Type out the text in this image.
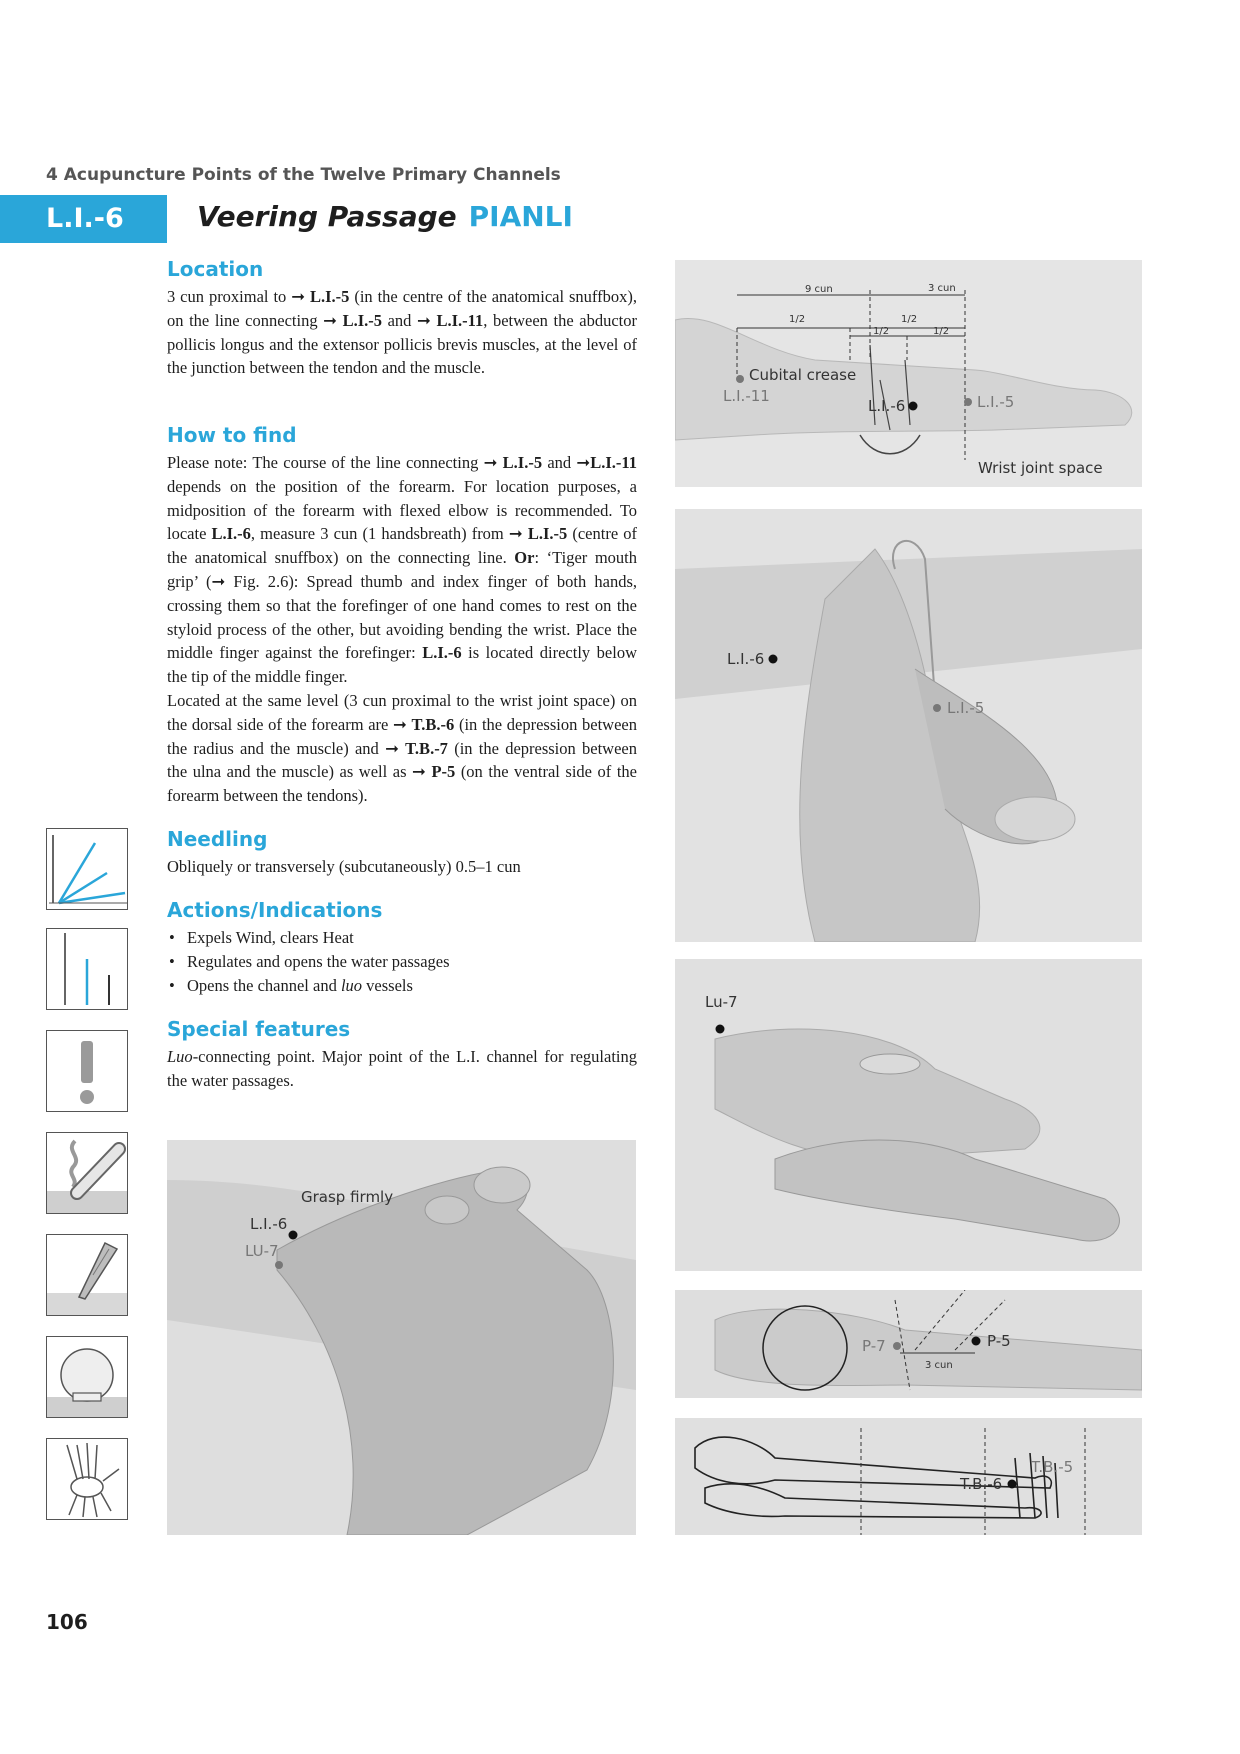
4 Acupuncture Points of the Twelve Primary Channels
L.I.-6	Veering Passage PIANLI
Location
3 cun proximal to ➞ L.I.-5 (in the centre of the anatomical snuffbox), on the line connecting ➞ L.I.-5 and ➞ L.I.-11, between the abductor pollicis longus and the extensor pollicis brevis muscles, at the level of the junction between the tendon and the muscle.
How to find
Please note: The course of the line connecting ➞ L.I.-5 and ➞L.I.-11 depends on the position of the forearm. For location purposes, a midposition of the forearm with flexed elbow is recommended. To locate L.I.-6, measure 3 cun (1 handsbreath) from ➞ L.I.-5 (centre of the anatomical snuffbox) on the connecting line. Or: ‘Tiger mouth grip’ (➞ Fig. 2.6): Spread thumb and index finger of both hands, crossing them so that the forefinger of one hand comes to rest on the styloid process of the other, but avoiding bending the wrist. Place the middle finger against the forefinger: L.I.-6 is located directly below the tip of the middle finger.
Located at the same level (3 cun proximal to the wrist joint space) on the dorsal side of the forearm are ➞ T.B.-6 (in the depression between the radius and the muscle) and ➞ T.B.-7 (in the depression between the ulna and the muscle) as well as ➞ P-5 (on the ventral side of the forearm between the tendons).
Needling
Obliquely or transversely (subcutaneously) 0.5–1 cun
Actions/Indications
• Expels Wind, clears Heat
• Regulates and opens the water passages
• Opens the channel and luo vessels
Special features
Luo-connecting point. Major point of the L.I. channel for regulating the water passages.
106
9 cun	3 cun
1/2	1/2
1/2	1/2
Cubital crease
L.I.-11
L.I.-6	L.I.-5
Wrist joint space
L.I.-6
L.I.-5
Lu-7
Grasp firmly
L.I.-6
LU-7
P-7	P-5
3 cun
T.B.-6
T.B.-5
